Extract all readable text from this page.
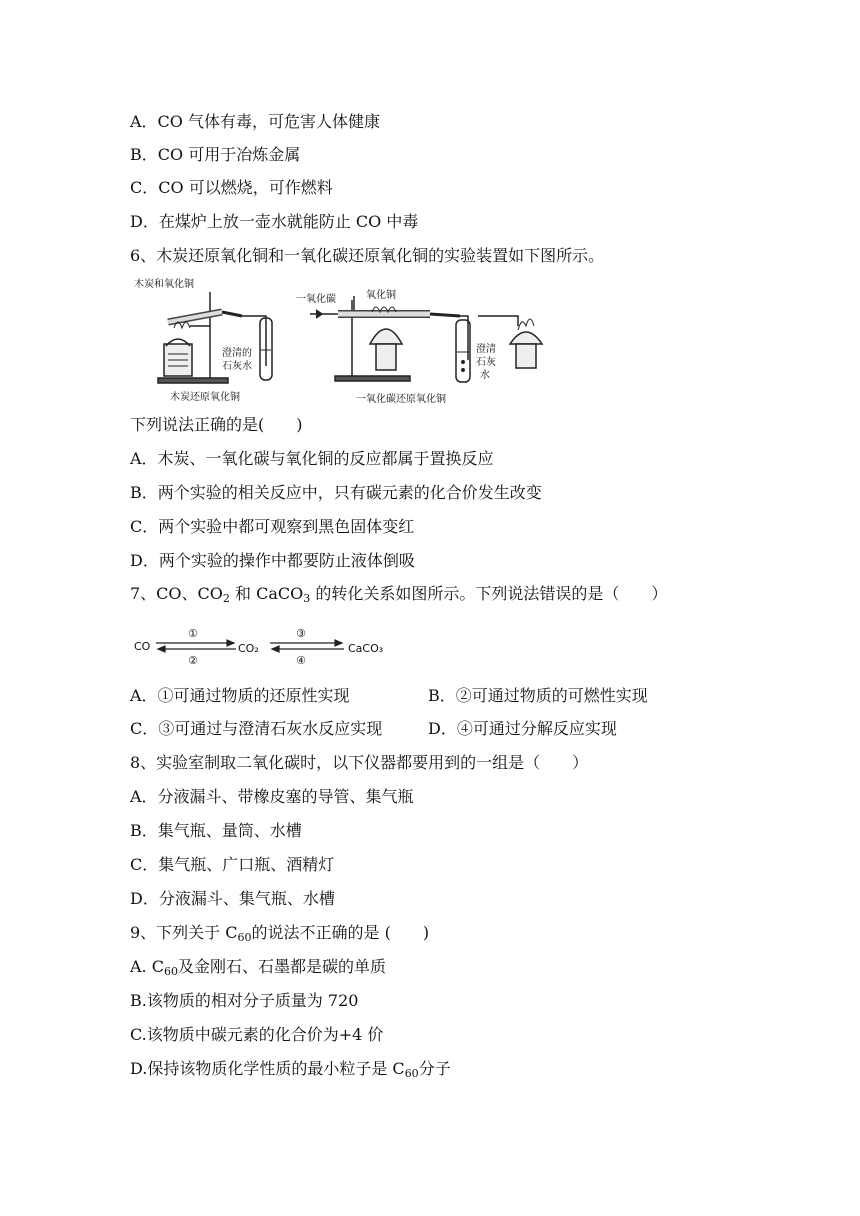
A．CO 气体有毒，可危害人体健康
B．CO 可用于冶炼金属
C．CO 可以燃烧，可作燃料
D．在煤炉上放一壶水就能防止 CO 中毒
6、木炭还原氧化铜和一氧化碳还原氧化铜的实验装置如下图所示。
木炭和氧化铜
澄清的
石灰水
木炭还原氧化铜
一氧化碳	氧化铜
澄清
石灰
水
一氧化碳还原氧化铜
下列说法正确的是(　　)
A．木炭、一氧化碳与氧化铜的反应都属于置换反应
B．两个实验的相关反应中，只有碳元素的化合价发生改变
C．两个实验中都可观察到黑色固体变红
D．两个实验的操作中都要防止液体倒吸
7、CO、$CO_2$ 和 CaCO$_3$ 的转化关系如图所示。下列说法错误的是（　　）
CO	CO₂	CaCO₃
①
②
③
④
A．①可通过物质的还原性实现	B．②可通过物质的可燃性实现
C．③可通过与澄清石灰水反应实现	D．④可通过分解反应实现
8、实验室制取二氧化碳时，以下仪器都要用到的一组是（　　）
A．分液漏斗、带橡皮塞的导管、集气瓶
B．集气瓶、量筒、水槽
C．集气瓶、广口瓶、酒精灯
D．分液漏斗、集气瓶、水槽
9、下列关于 $C_{60}$的说法不正确的是 (　　)
A. $C_{60}$及金刚石、石墨都是碳的单质
B.该物质的相对分子质量为 720
C.该物质中碳元素的化合价为+4 价
D.保持该物质化学性质的最小粒子是 $C_{60}$分子
